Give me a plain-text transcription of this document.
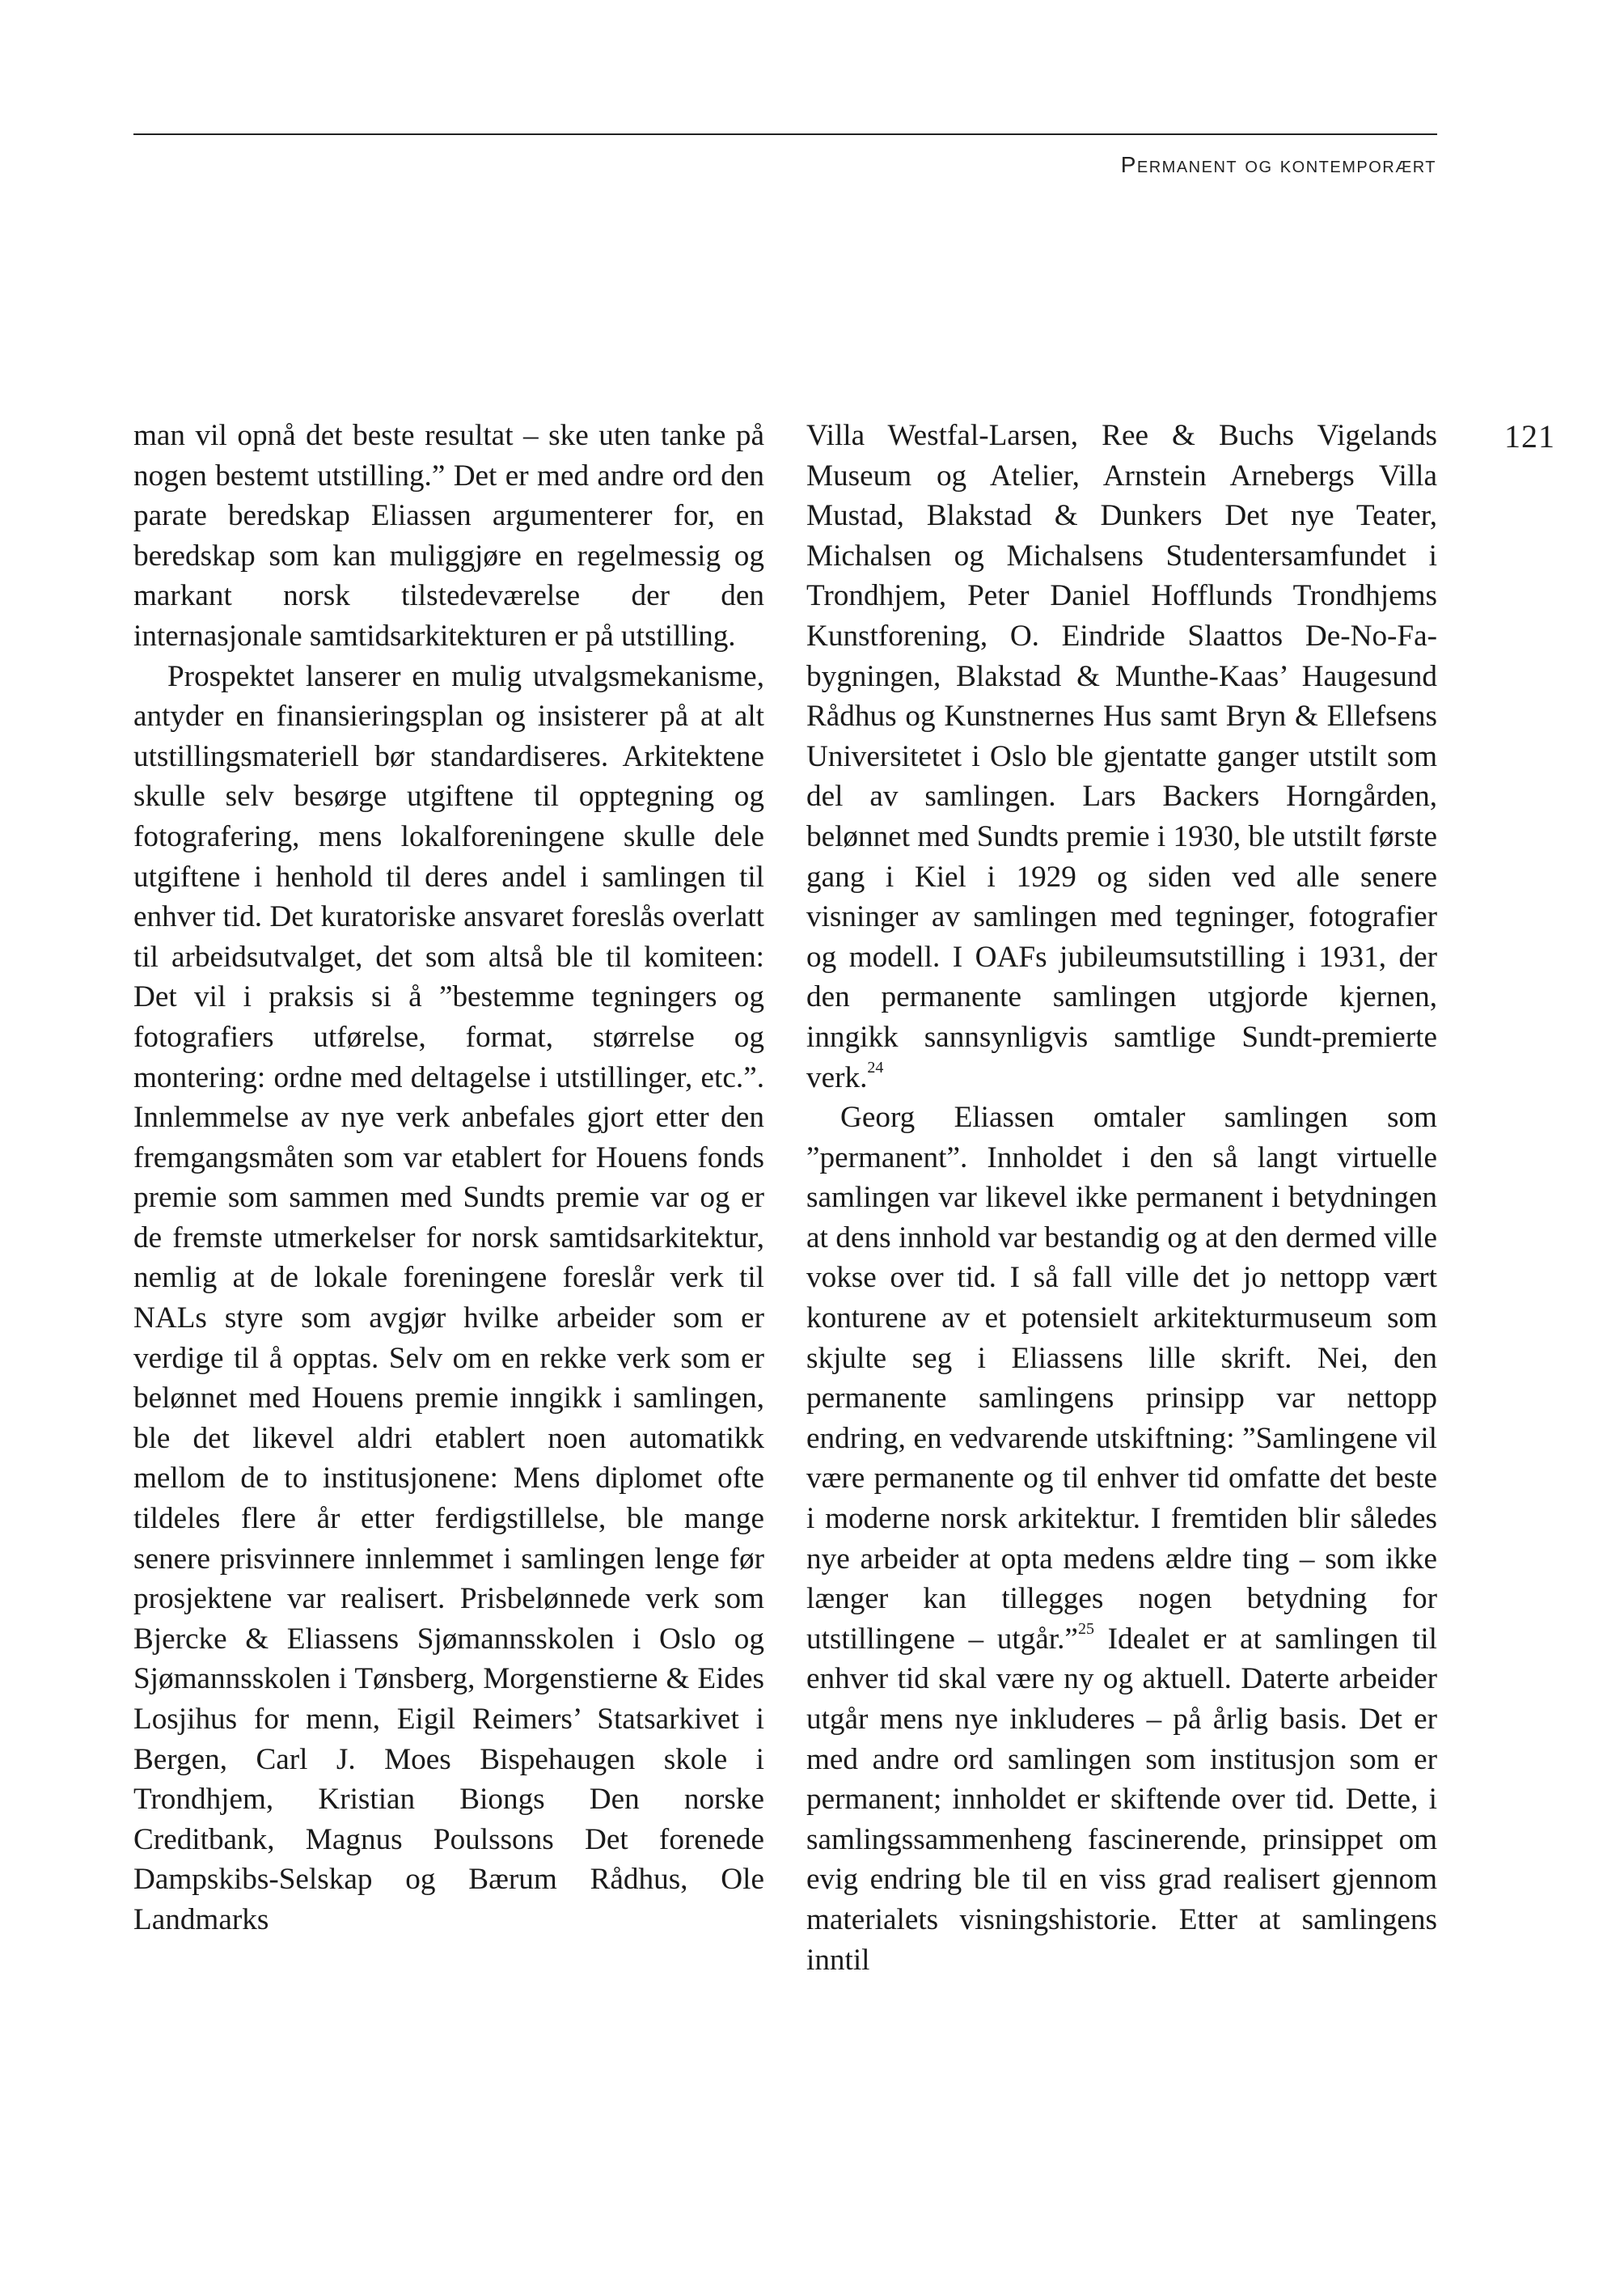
Permanent og kontemporært
121

man vil opnå det beste resultat – ske uten tanke på nogen bestemt utstilling.” Det er med andre ord den parate beredskap Eliassen argumenterer for, en beredskap som kan muliggjøre en regelmessig og markant norsk tilstedeværelse der den internasjonale samtidsarkitekturen er på utstilling.

Prospektet lanserer en mulig utvalgsmekanisme, antyder en finansieringsplan og insisterer på at alt utstillingsmateriell bør standardiseres. Arkitektene skulle selv besørge utgiftene til opptegning og fotografering, mens lokalforeningene skulle dele utgiftene i henhold til deres andel i samlingen til enhver tid. Det kuratoriske ansvaret foreslås overlatt til arbeidsutvalget, det som altså ble til komiteen: Det vil i praksis si å ”bestemme tegningers og fotografiers utførelse, format, størrelse og montering: ordne med deltagelse i utstillinger, etc.”. Innlemmelse av nye verk anbefales gjort etter den fremgangsmåten som var etablert for Houens fonds premie som sammen med Sundts premie var og er de fremste utmerkelser for norsk samtidsarkitektur, nemlig at de lokale foreningene foreslår verk til NALs styre som avgjør hvilke arbeider som er verdige til å opptas. Selv om en rekke verk som er belønnet med Houens premie inngikk i samlingen, ble det likevel aldri etablert noen automatikk mellom de to institusjonene: Mens diplomet ofte tildeles flere år etter ferdigstillelse, ble mange senere prisvinnere innlemmet i samlingen lenge før prosjektene var realisert. Prisbelønnede verk som Bjercke & Eliassens Sjømannsskolen i Oslo og Sjømannsskolen i Tønsberg, Morgenstierne & Eides Losjihus for menn, Eigil Reimers’ Statsarkivet i Bergen, Carl J. Moes Bispehaugen skole i Trondhjem, Kristian Biongs Den norske Creditbank, Magnus Poulssons Det forenede Dampskibs-Selskap og Bærum Rådhus, Ole Landmarks

Villa Westfal-Larsen, Ree & Buchs Vigelands Museum og Atelier, Arnstein Arnebergs Villa Mustad, Blakstad & Dunkers Det nye Teater, Michalsen og Michalsens Studentersamfundet i Trondhjem, Peter Daniel Hofflunds Trondhjems Kunstforening, O. Eindride Slaattos De-No-Fa-bygningen, Blakstad & Munthe-Kaas’ Haugesund Rådhus og Kunstnernes Hus samt Bryn & Ellefsens Universitetet i Oslo ble gjentatte ganger utstilt som del av samlingen. Lars Backers Horngården, belønnet med Sundts premie i 1930, ble utstilt første gang i Kiel i 1929 og siden ved alle senere visninger av samlingen med tegninger, fotografier og modell. I OAFs jubileumsutstilling i 1931, der den permanente samlingen utgjorde kjernen, inngikk sannsynligvis samtlige Sundt-premierte verk.$^{24}$

Georg Eliassen omtaler samlingen som ”permanent”. Innholdet i den så langt virtuelle samlingen var likevel ikke permanent i betydningen at dens innhold var bestandig og at den dermed ville vokse over tid. I så fall ville det jo nettopp vært konturene av et potensielt arkitekturmuseum som skjulte seg i Eliassens lille skrift. Nei, den permanente samlingens prinsipp var nettopp endring, en vedvarende utskiftning: ”Samlingene vil være permanente og til enhver tid omfatte det beste i moderne norsk arkitektur. I fremtiden blir således nye arbeider at opta medens ældre ting – som ikke længer kan tillegges nogen betydning for utstillingene – utgår.”$^{25}$ Idealet er at samlingen til enhver tid skal være ny og aktuell. Daterte arbeider utgår mens nye inkluderes – på årlig basis. Det er med andre ord samlingen som institusjon som er permanent; innholdet er skiftende over tid. Dette, i samlingssammenheng fascinerende, prinsippet om evig endring ble til en viss grad realisert gjennom materialets visningshistorie. Etter at samlingens inntil
